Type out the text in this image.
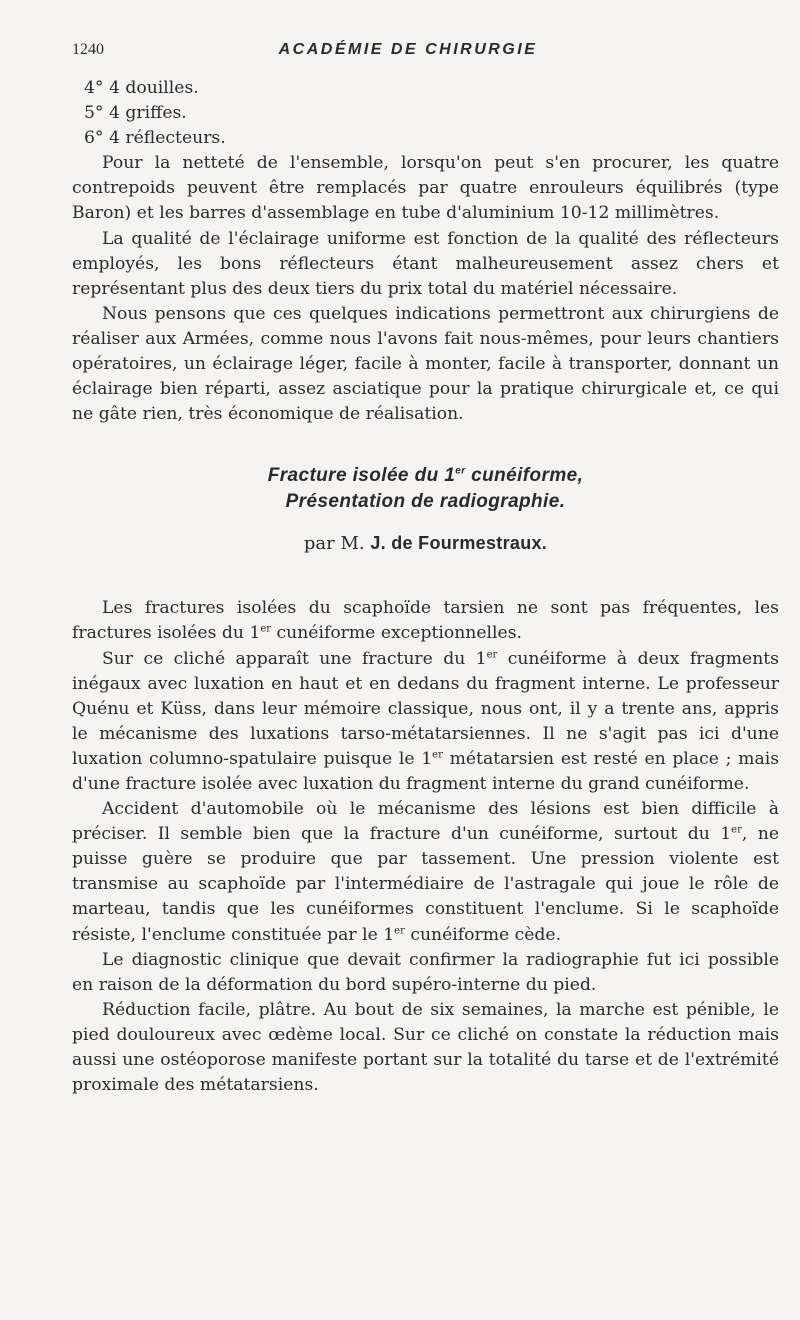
1240	ACADÉMIE DE CHIRURGIE

4° 4 douilles.

5° 4 griffes.

6° 4 réflecteurs.

Pour la netteté de l'ensemble, lorsqu'on peut s'en procurer, les quatre contrepoids peuvent être remplacés par quatre enrouleurs équilibrés (type Baron) et les barres d'assemblage en tube d'aluminium 10-12 millimètres.

La qualité de l'éclairage uniforme est fonction de la qualité des réflecteurs employés, les bons réflecteurs étant malheureusement assez chers et représentant plus des deux tiers du prix total du matériel nécessaire.

Nous pensons que ces quelques indications permettront aux chirurgiens de réaliser aux Armées, comme nous l'avons fait nous-mêmes, pour leurs chantiers opératoires, un éclairage léger, facile à monter, facile à transporter, donnant un éclairage bien réparti, assez asciatique pour la pratique chirurgicale et, ce qui ne gâte rien, très économique de réalisation.

Fracture isolée du 1er cunéiforme,
Présentation de radiographie.
par M. J. de Fourmestraux.

Les fractures isolées du scaphoïde tarsien ne sont pas fréquentes, les fractures isolées du 1er cunéiforme exceptionnelles.

Sur ce cliché apparaît une fracture du 1er cunéiforme à deux fragments inégaux avec luxation en haut et en dedans du fragment interne. Le professeur Quénu et Küss, dans leur mémoire classique, nous ont, il y a trente ans, appris le mécanisme des luxations tarso-métatarsiennes. Il ne s'agit pas ici d'une luxation columno-spatulaire puisque le 1er métatarsien est resté en place ; mais d'une fracture isolée avec luxation du fragment interne du grand cunéiforme.

Accident d'automobile où le mécanisme des lésions est bien difficile à préciser. Il semble bien que la fracture d'un cunéiforme, surtout du 1er, ne puisse guère se produire que par tassement. Une pression violente est transmise au scaphoïde par l'intermédiaire de l'astragale qui joue le rôle de marteau, tandis que les cunéiformes constituent l'enclume. Si le scaphoïde résiste, l'enclume constituée par le 1er cunéiforme cède.

Le diagnostic clinique que devait confirmer la radiographie fut ici possible en raison de la déformation du bord supéro-interne du pied.

Réduction facile, plâtre. Au bout de six semaines, la marche est pénible, le pied douloureux avec œdème local. Sur ce cliché on constate la réduction mais aussi une ostéoporose manifeste portant sur la totalité du tarse et de l'extrémité proximale des métatarsiens.
